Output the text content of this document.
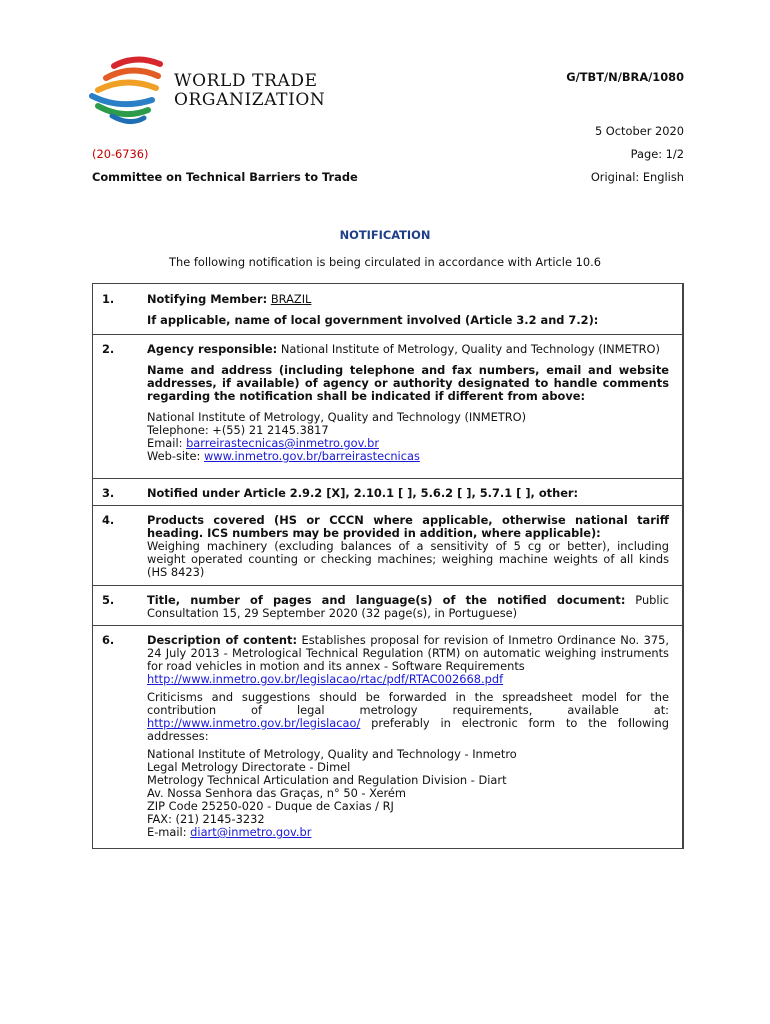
WORLD TRADE
ORGANIZATION
G/TBT/N/BRA/1080
5 October 2020
(20-6736)	Page: 1/2
Committee on Technical Barriers to Trade	Original: English
NOTIFICATION
The following notification is being circulated in accordance with Article 10.6
1.	Notifying Member: BRAZIL

If applicable, name of local government involved (Article 3.2 and 7.2):

2.	Agency responsible: National Institute of Metrology, Quality and Technology (INMETRO)

Name and address (including telephone and fax numbers, email and website addresses, if available) of agency or authority designated to handle comments regarding the notification shall be indicated if different from above:

National Institute of Metrology, Quality and Technology (INMETRO)

Telephone: +(55) 21 2145.3817

Email: barreirastecnicas@inmetro.gov.br

Web-site: www.inmetro.gov.br/barreirastecnicas

3.	Notified under Article 2.9.2 [X], 2.10.1 [ ], 5.6.2 [ ], 5.7.1 [ ], other:
4.	Products covered (HS or CCCN where applicable, otherwise national tariff heading. ICS numbers may be provided in addition, where applicable):

Weighing machinery (excluding balances of a sensitivity of 5 cg or better), including weight operated counting or checking machines; weighing machine weights of all kinds (HS 8423)

5.	Title, number of pages and language(s) of the notified document: Public Consultation 15, 29 September 2020 (32 page(s), in Portuguese)
6.	Description of content: Establishes proposal for revision of Inmetro Ordinance No. 375, 24 July 2013 - Metrological Technical Regulation (RTM) on automatic weighing instruments for road vehicles in motion and its annex - Software Requirements

http://www.inmetro.gov.br/legislacao/rtac/pdf/RTAC002668.pdf

Criticisms and suggestions should be forwarded in the spreadsheet model for the contribution of legal metrology requirements, available at: http://www.inmetro.gov.br/legislacao/ preferably in electronic form to the following addresses:

National Institute of Metrology, Quality and Technology - Inmetro

Legal Metrology Directorate - Dimel

Metrology Technical Articulation and Regulation Division - Diart

Av. Nossa Senhora das Graças, n° 50 - Xerém

ZIP Code 25250-020 - Duque de Caxias / RJ

FAX: (21) 2145-3232

E-mail: diart@inmetro.gov.br
